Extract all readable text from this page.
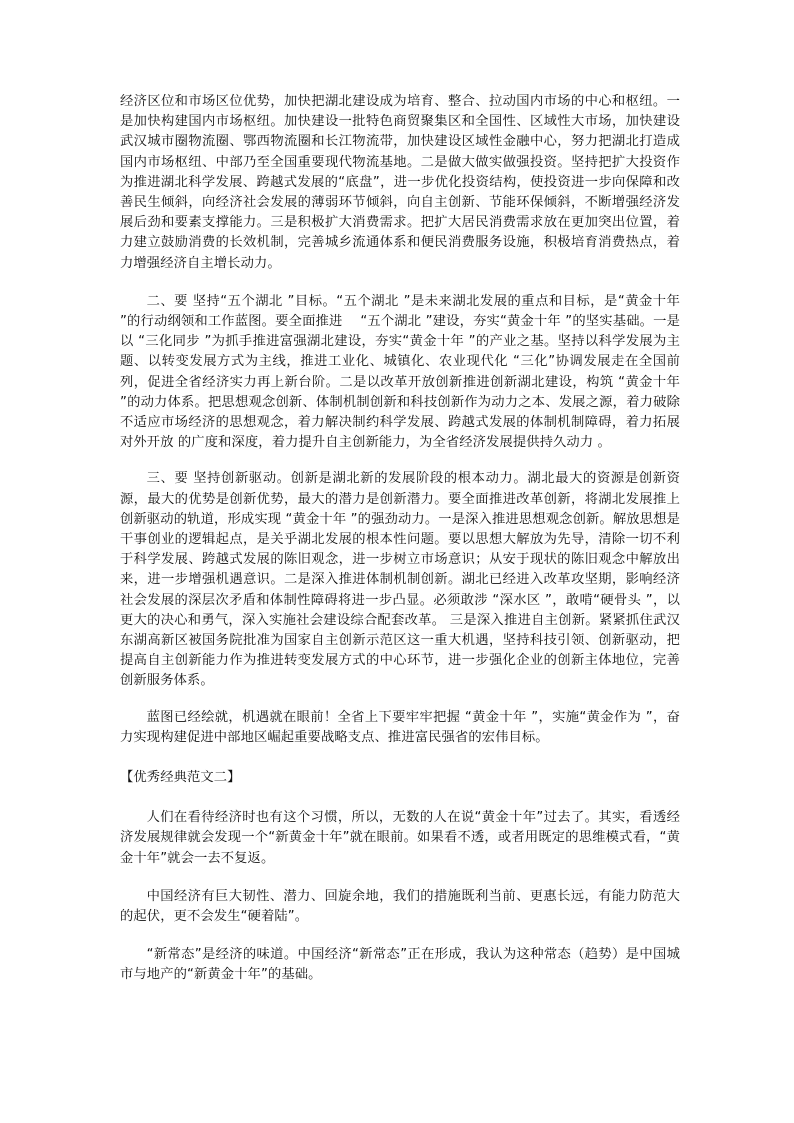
经济区位和市场区位优势，加快把湖北建设成为培育、整合、拉动国内市场的中心和枢纽。一是加快构建国内市场枢纽。加快建设一批特色商贸聚集区和全国性、区域性大市场，加快建设武汉城市圈物流圈、鄂西物流圈和长江物流带，加快建设区域性金融中心，努力把湖北打造成国内市场枢纽、中部乃至全国重要现代物流基地。二是做大做实做强投资。坚持把扩大投资作为推进湖北科学发展、跨越式发展的“底盘”，进一步优化投资结构，使投资进一步向保障和改善民生倾斜，向经济社会发展的薄弱环节倾斜，向自主创新、节能环保倾斜，不断增强经济发展后劲和要素支撑能力。三是积极扩大消费需求。把扩大居民消费需求放在更加突出位置，着力建立鼓励消费的长效机制，完善城乡流通体系和便民消费服务设施，积极培育消费热点，着力增强经济自主增长动力。

二、要 坚持“五个湖北 ”目标。“五个湖北 ”是未来湖北发展的重点和目标，是“黄金十年 ”的行动纲领和工作蓝图。要全面推进　 “五个湖北 ”建设，夯实“黄金十年 ”的坚实基础。一是以 “三化同步 ”为抓手推进富强湖北建设，夯实“黄金十年 ”的产业之基。坚持以科学发展为主题、以转变发展方式为主线，推进工业化、城镇化、农业现代化 “三化”协调发展走在全国前列，促进全省经济实力再上新台阶。二是以改革开放创新推进创新湖北建设，构筑 “黄金十年 ”的动力体系。把思想观念创新、体制机制创新和科技创新作为动力之本、发展之源，着力破除不适应市场经济的思想观念，着力解决制约科学发展、跨越式发展的体制机制障碍，着力拓展对外开放 的广度和深度，着力提升自主创新能力，为全省经济发展提供持久动力 。

三、要 坚持创新驱动。创新是湖北新的发展阶段的根本动力。湖北最大的资源是创新资源，最大的优势是创新优势，最大的潜力是创新潜力。要全面推进改革创新，将湖北发展推上创新驱动的轨道，形成实现 “黄金十年 ”的强劲动力。一是深入推进思想观念创新。解放思想是干事创业的逻辑起点，是关乎湖北发展的根本性问题。要以思想大解放为先导，清除一切不利于科学发展、跨越式发展的陈旧观念，进一步树立市场意识；从安于现状的陈旧观念中解放出来，进一步增强机遇意识。二是深入推进体制机制创新。湖北已经进入改革攻坚期，影响经济社会发展的深层次矛盾和体制性障碍将进一步凸显。必须敢涉 “深水区 ”，敢啃“硬骨头 ”，以更大的决心和勇气，深入实施社会建设综合配套改革。 三是深入推进自主创新。紧紧抓住武汉东湖高新区被国务院批准为国家自主创新示范区这一重大机遇，坚持科技引领、创新驱动，把提高自主创新能力作为推进转变发展方式的中心环节，进一步强化企业的创新主体地位，完善创新服务体系。

蓝图已经绘就，机遇就在眼前！全省上下要牢牢把握 “黄金十年 ”，实施“黄金作为 ”，奋力实现构建促进中部地区崛起重要战略支点、推进富民强省的宏伟目标。

【优秀经典范文二】

人们在看待经济时也有这个习惯，所以，无数的人在说“黄金十年”过去了。其实，看透经济发展规律就会发现一个“新黄金十年”就在眼前。如果看不透，或者用既定的思维模式看，“黄金十年”就会一去不复返。

中国经济有巨大韧性、潜力、回旋余地，我们的措施既利当前、更惠长远，有能力防范大的起伏，更不会发生“硬着陆”。

“新常态”是经济的味道。中国经济“新常态”正在形成，我认为这种常态（趋势）是中国城市与地产的“新黄金十年”的基础。
